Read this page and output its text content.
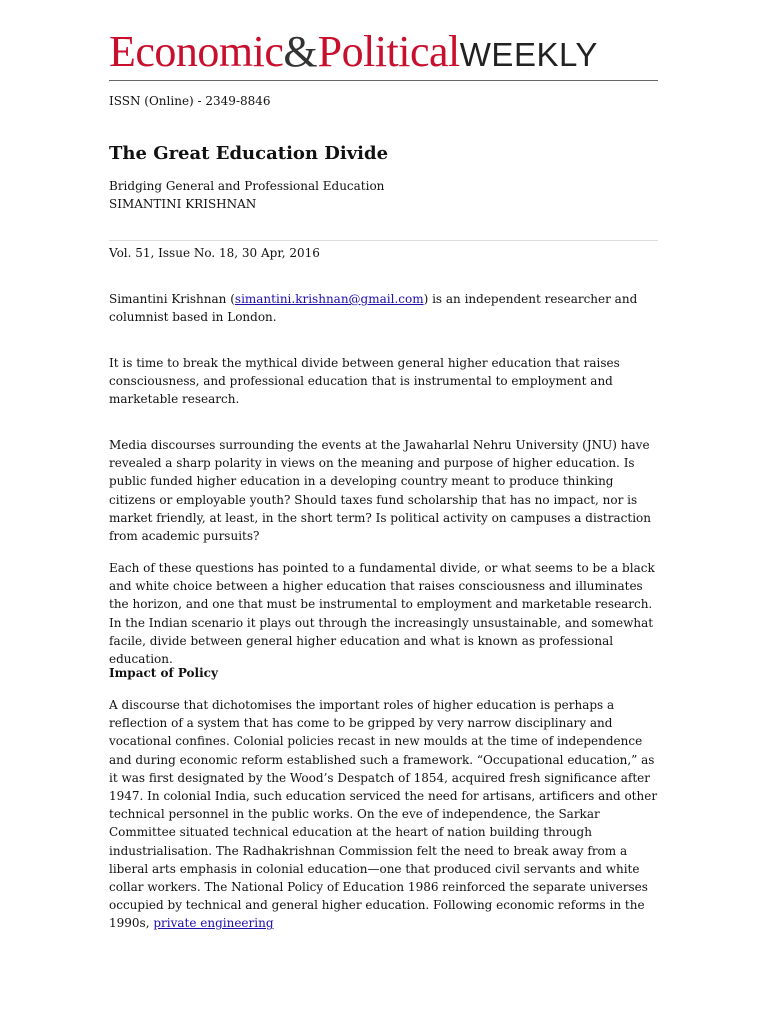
Economic&PoliticalWEEKLY
ISSN (Online) - 2349-8846
The Great Education Divide
Bridging General and Professional Education
SIMANTINI KRISHNAN
Vol. 51, Issue No. 18, 30 Apr, 2016

Simantini Krishnan (simantini.krishnan@gmail.com) is an independent researcher and columnist based in London.

It is time to break the mythical divide between general higher education that raises consciousness, and professional education that is instrumental to employment and marketable research.

Media discourses surrounding the events at the Jawaharlal Nehru University (JNU) have revealed a sharp polarity in views on the meaning and purpose of higher education. Is public funded higher education in a developing country meant to produce thinking citizens or employable youth? Should taxes fund scholarship that has no impact, nor is market friendly, at least, in the short term? Is political activity on campuses a distraction from academic pursuits?

Each of these questions has pointed to a fundamental divide, or what seems to be a black and white choice between a higher education that raises consciousness and illuminates the horizon, and one that must be instrumental to employment and marketable research. In the Indian scenario it plays out through the increasingly unsustainable, and somewhat facile, divide between general higher education and what is known as professional education.

Impact of Policy

A discourse that dichotomises the important roles of higher education is perhaps a reflection of a system that has come to be gripped by very narrow disciplinary and vocational confines. Colonial policies recast in new moulds at the time of independence and during economic reform established such a framework. “Occupational education,” as it was first designated by the Wood’s Despatch of 1854, acquired fresh significance after 1947. In colonial India, such education serviced the need for artisans, artificers and other technical personnel in the public works. On the eve of independence, the Sarkar Committee situated technical education at the heart of nation building through industrialisation. The Radhakrishnan Commission felt the need to break away from a liberal arts emphasis in colonial education—one that produced civil servants and white collar workers. The National Policy of Education 1986 reinforced the separate universes occupied by technical and general higher education. Following economic reforms in the 1990s, private engineering
